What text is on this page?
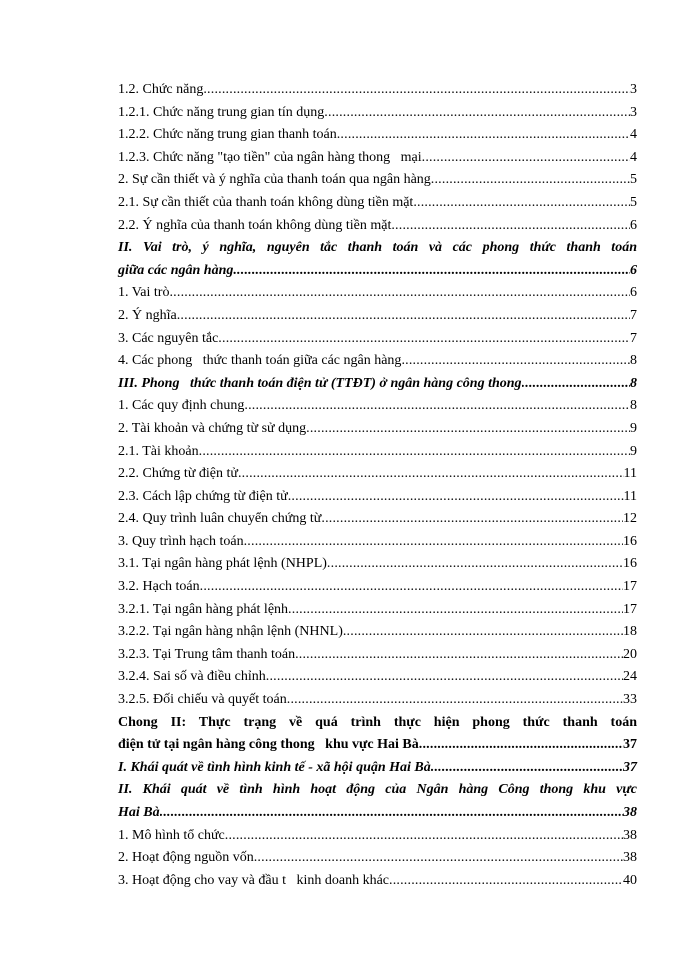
1.2. Chức năng .....	3
1.2.1. Chức năng trung gian tín dụng .....	3
1.2.2. Chức năng trung gian thanh toán .....	4
1.2.3. Chức năng "tạo tiền" của ngân hàng thong   mại .....	4
2. Sự cần thiết và ý nghĩa của thanh toán qua ngân hàng .....	5
2.1. Sự cần thiết của thanh toán không dùng tiền mặt .....	5
2.2. Ý nghĩa của thanh toán không dùng tiền mặt .....	6
II. Vai trò, ý nghĩa, nguyên tắc thanh toán và các phong thức thanh toán
giữa các ngân hàng .....	6
1. Vai trò .....	6
2. Ý nghĩa .....	7
3. Các nguyên tắc .....	7
4. Các phong   thức thanh toán giữa các ngân hàng .....	8
III. Phong   thức thanh toán điện tử (TTĐT) ở ngân hàng công thong .....	8
1. Các quy định chung .....	8
2. Tài khoản và chứng từ sử dụng .....	9
2.1. Tài khoản .....	9
2.2. Chứng từ điện tử .....	11
2.3. Cách lập chứng từ điện tử .....	11
2.4. Quy trình luân chuyển chứng từ .....	12
3. Quy trình hạch toán .....	16
3.1. Tại ngân hàng phát lệnh (NHPL) .....	16
3.2. Hạch toán .....	17
3.2.1. Tại ngân hàng phát lệnh .....	17
3.2.2. Tại ngân hàng nhận lệnh (NHNL) .....	18
3.2.3. Tại Trung tâm thanh toán .....	20
3.2.4. Sai số và điều chỉnh .....	24
3.2.5. Đối chiếu và quyết toán .....	33
Chong II: Thực trạng về quá trình thực hiện phong thức thanh toán
điện tử tại ngân hàng công thong   khu vực Hai Bà .....	37
I. Khái quát về tình hình kinh tế - xã hội quận Hai Bà .....	37
II. Khái quát về tình hình hoạt động của Ngân hàng Công thong khu vực
Hai Bà .....	38
1. Mô hình tổ chức .....	38
2. Hoạt động nguồn vốn .....	38
3. Hoạt động cho vay và đầu t   kinh doanh khác .....	40
